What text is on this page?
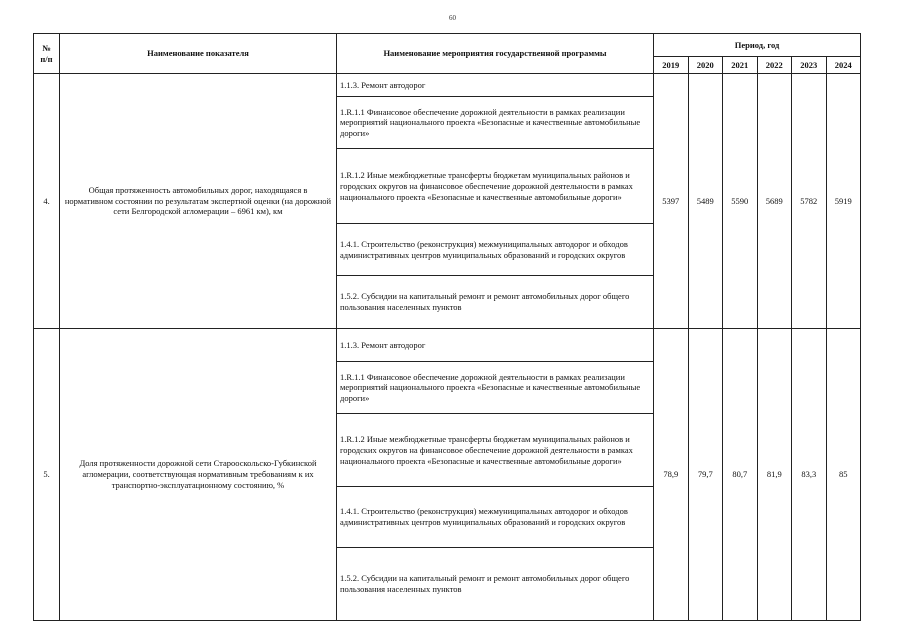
60
№
п/п	Наименование показателя	Наименование мероприятия государственной программы	Период, год					
			2019	2020	2021	2022	2023	2024
4.	Общая протяженность автомобильных дорог, находящаяся в нормативном состоянии по результатам экспертной оценки (на дорожной сети Белгородской агломерации – 6961 км), км	1.1.3. Ремонт автодорог	5397	5489	5590	5689	5782	5919
		1.R.1.1 Финансовое обеспечение дорожной деятельности в рамках реализации мероприятий национального проекта «Безопасные и качественные автомобильные дороги»						
		1.R.1.2 Иные межбюджетные трансферты бюджетам муниципальных районов и городских округов на финансовое обеспечение дорожной деятельности в рамках национального проекта «Безопасные и качественные автомобильные дороги»						
		1.4.1. Строительство (реконструкция) межмуниципальных автодорог и обходов административных центров муниципальных образований и городских округов						
		1.5.2. Субсидии на капитальный ремонт и ремонт автомобильных дорог общего пользования населенных пунктов						
5.	Доля протяженности дорожной сети Старооскольско-Губкинской агломерации, соответствующая нормативным требованиям к их транспортно-эксплуатационному состоянию, %	1.1.3. Ремонт автодорог	78,9	79,7	80,7	81,9	83,3	85
		1.R.1.1 Финансовое обеспечение дорожной деятельности в рамках реализации мероприятий национального проекта «Безопасные и качественные автомобильные дороги»						
		1.R.1.2 Иные межбюджетные трансферты бюджетам муниципальных районов и городских округов на финансовое обеспечение дорожной деятельности в рамках национального проекта «Безопасные и качественные автомобильные дороги»						
		1.4.1. Строительство (реконструкция) межмуниципальных автодорог и обходов административных центров муниципальных образований и городских округов						
		1.5.2. Субсидии на капитальный ремонт и ремонт автомобильных дорог общего пользования населенных пунктов						
